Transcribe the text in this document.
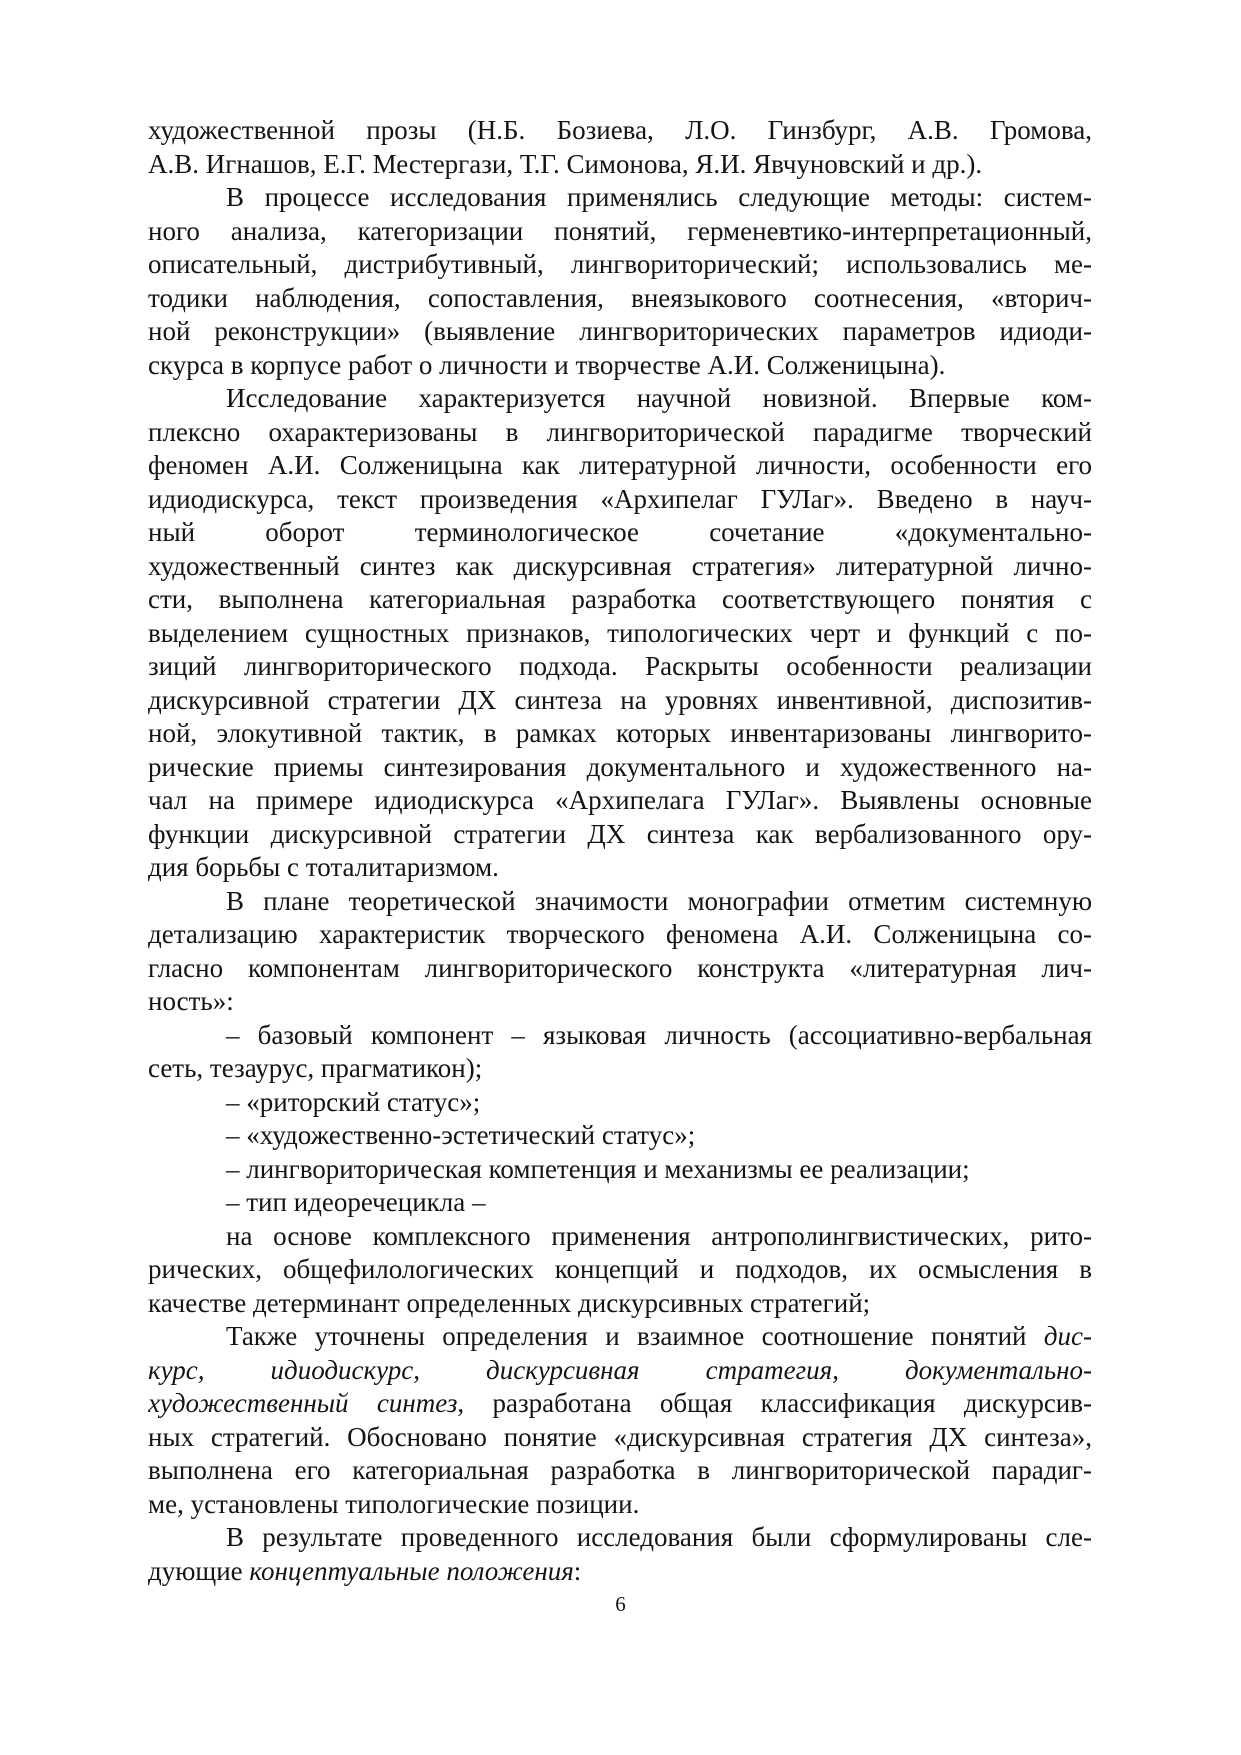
художественной прозы (Н.Б. Бозиева, Л.О. Гинзбург, А.В. Громова,
А.В. Игнашов, Е.Г. Местергази, Т.Г. Симонова, Я.И. Явчуновский и др.).
В процессе исследования применялись следующие методы: систем-
ного анализа, категоризации понятий, герменевтико-интерпретационный,
описательный, дистрибутивный, лингвориторический; использовались ме-
тодики наблюдения, сопоставления, внеязыкового соотнесения, «вторич-
ной реконструкции» (выявление лингвориторических параметров идиоди-
скурса в корпусе работ о личности и творчестве А.И. Солженицына).
Исследование характеризуется научной новизной. Впервые ком-
плексно охарактеризованы в лингвориторической парадигме творческий
феномен А.И. Солженицына как литературной личности, особенности его
идиодискурса, текст произведения «Архипелаг ГУЛаг». Введено в науч-
ный оборот терминологическое сочетание «документально-
художественный синтез как дискурсивная стратегия» литературной лично-
сти, выполнена категориальная разработка соответствующего понятия с
выделением сущностных признаков, типологических черт и функций с по-
зиций лингвориторического подхода. Раскрыты особенности реализации
дискурсивной стратегии ДХ синтеза на уровнях инвентивной, диспозитив-
ной, элокутивной тактик, в рамках которых инвентаризованы лингворито-
рические приемы синтезирования документального и художественного на-
чал на примере идиодискурса «Архипелага ГУЛаг». Выявлены основные
функции дискурсивной стратегии ДХ синтеза как вербализованного ору-
дия борьбы с тоталитаризмом.
В плане теоретической значимости монографии отметим системную
детализацию характеристик творческого феномена А.И. Солженицына со-
гласно компонентам лингвориторического конструкта «литературная лич-
ность»:
– базовый компонент – языковая личность (ассоциативно-вербальная
сеть, тезаурус, прагматикон);
– «риторский статус»;
– «художественно-эстетический статус»;
– лингвориторическая компетенция и механизмы ее реализации;
– тип идеоречецикла –
на основе комплексного применения антрополингвистических, рито-
рических, общефилологических концепций и подходов, их осмысления в
качестве детерминант определенных дискурсивных стратегий;
Также уточнены определения и взаимное соотношение понятий дис-
курс, идиодискурс, дискурсивная стратегия, документально-
художественный синтез, разработана общая классификация дискурсив-
ных стратегий. Обосновано понятие «дискурсивная стратегия ДХ синтеза»,
выполнена его категориальная разработка в лингвориторической парадиг-
ме, установлены типологические позиции.
В результате проведенного исследования были сформулированы сле-
дующие концептуальные положения:
6
